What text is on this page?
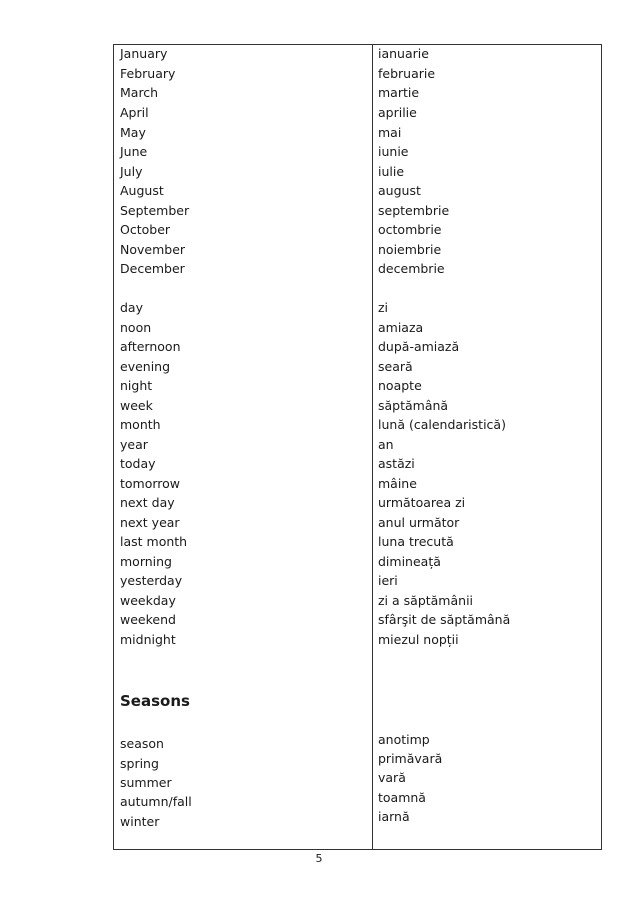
January
February
March
April
May
June
July
August
September
October
November
December
day
noon
afternoon
evening
night
week
month
year
today
tomorrow
next day
next year
last month
morning
yesterday
weekday
weekend
midnight
season
spring
summer
autumn/fall
winter
ianuarie
februarie
martie
aprilie
mai
iunie
iulie
august
septembrie
octombrie
noiembrie
decembrie
zi
amiaza
după-amiază
seară
noapte
săptămână
lună (calendaristică)
an
astăzi
mâine
următoarea zi
anul următor
luna trecută
dimineață
ieri
zi a săptămânii
sfârşit de săptămână
miezul nopții
anotimp
primăvară
vară
toamnă
iarnă
Seasons
5
